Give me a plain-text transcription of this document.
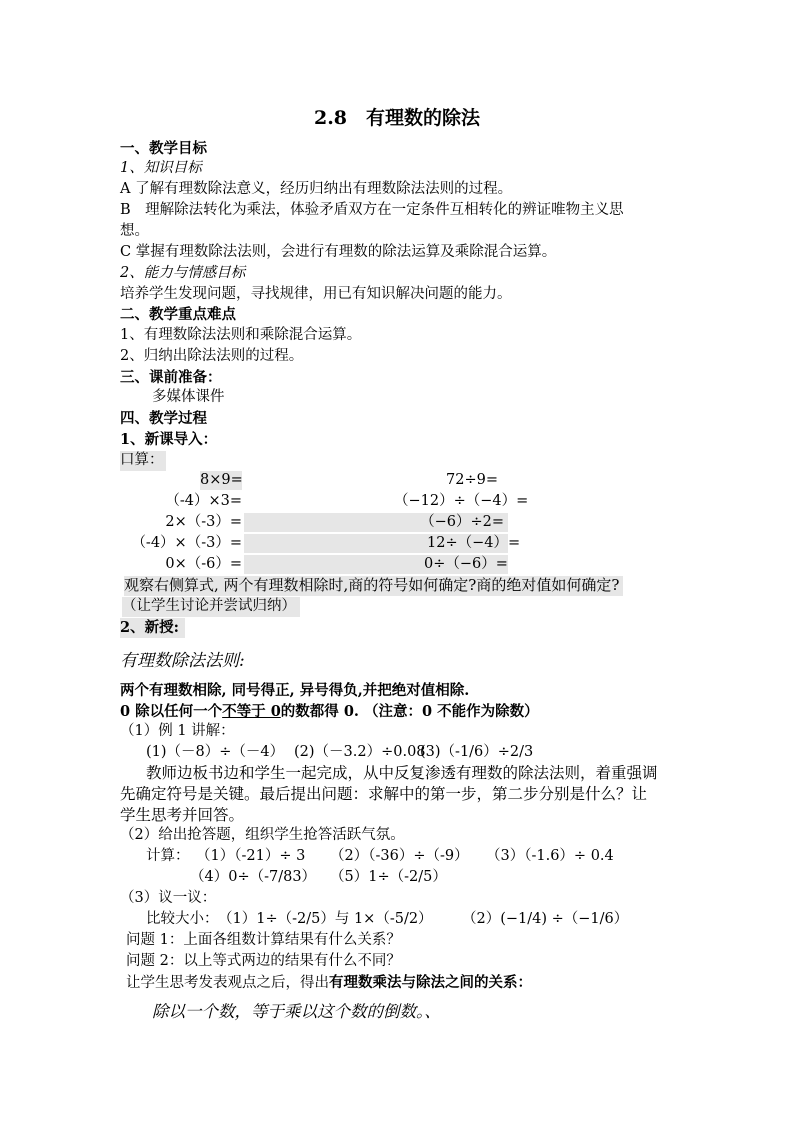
2.8　有理数的除法
一、教学目标
1、知识目标
A 了解有理数除法意义，经历归纳出有理数除法法则的过程。
B　理解除法转化为乘法，体验矛盾双方在一定条件互相转化的辨证唯物主义思
想。
C 掌握有理数除法法则，会进行有理数的除法运算及乘除混合运算。
2、能力与情感目标
培养学生发现问题，寻找规律，用已有知识解决问题的能力。
二、教学重点难点
1、有理数除法法则和乘除混合运算。
2、归纳出除法法则的过程。
三、课前准备：
多媒体课件
四、教学过程
1、新课导入：
口算：
8×9=
（-4）×3=
2×（-3）=
（-4）×（-3）=
0×（-6）=
72÷9=
（−12）÷（−4）=
（−6）÷2=
12÷（−4）=
0÷（−6）=
观察右侧算式, 两个有理数相除时,商的符号如何确定?商的绝对值如何确定?
（让学生讨论并尝试归纳）
2、新授:
有理数除法法则:
两个有理数相除, 同号得正, 异号得负,并把绝对值相除.
0 除以任何一个不等于 0的数都得 0. （注意：0 不能作为除数）
（1）例 1 讲解：
(1)（－8）÷（－4） (2)（－3.2）÷0.08
(3)（-1/6）÷2/3
教师边板书边和学生一起完成，从中反复渗透有理数的除法法则，着重强调
先确定符号是关键。最后提出问题：求解中的第一步，第二步分别是什么？让
学生思考并回答。
（2）给出抢答题，组织学生抢答活跃气氛。
计算： （1）（-21）÷ 3 （2）（-36）÷（-9） （3）（-1.6）÷ 0.4
（4）0÷（-7/83） （5）1÷（-2/5）
（3）议一议：
比较大小： （1）1÷（-2/5）与 1×（-5/2） （2）(−1/4) ÷（−1/6）
问题 1：上面各组数计算结果有什么关系？
问题 2：以上等式两边的结果有什么不同？
让学生思考发表观点之后，得出有理数乘法与除法之间的关系：
除以一个数，等于乘以这个数的倒数。、
